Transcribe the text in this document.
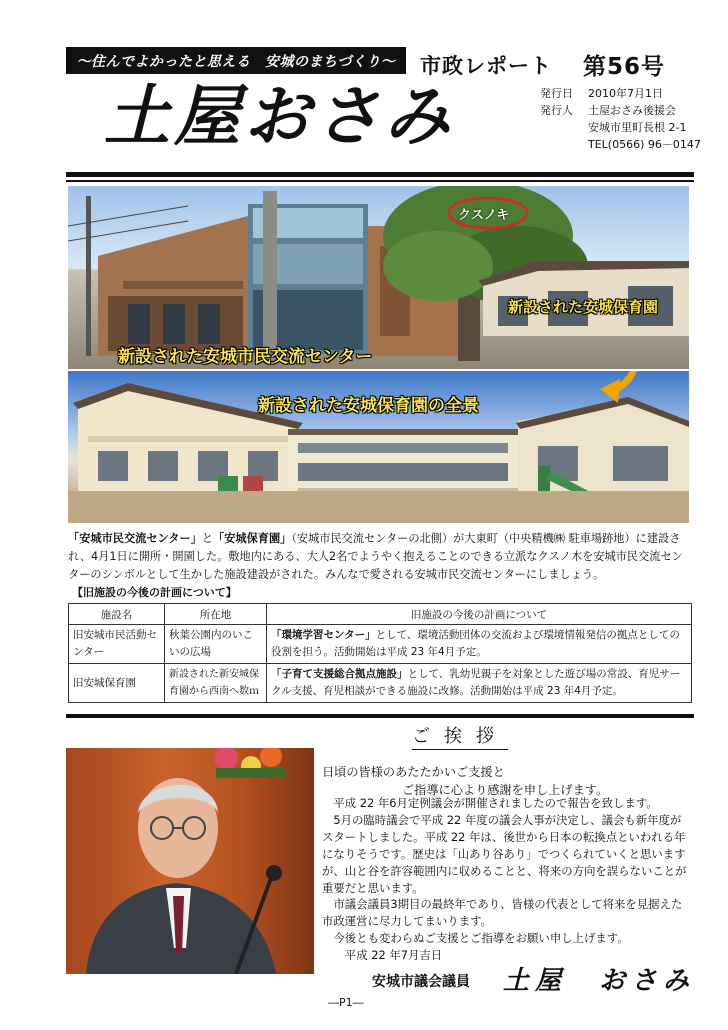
～住んでよかったと思える　安城のまちづくり～	市政レポート 第56号
土屋おさみ	発行日	2010年7月1日
発行人	土屋おさみ後援会
安城市里町長根 2-1
TEL(0566) 96－0147
クスノキ
新設された安城市民交流センター
新設された安城保育園
新設された安城保育園の全景
「安城市民交流センター」と「安城保育園」（安城市民交流センターの北側）が大東町（中央精機㈱ 駐車場跡地）に建設され、4月1日に開所・開園した。敷地内にある、大人2名でようやく抱えることのできる立派なクスノ木を安城市民交流センターのシンボルとして生かした施設建設がされた。みんなで愛される安城市民交流センターにしましょう。
【旧施設の今後の計画について】
施設名	所在地	旧施設の今後の計画について
旧安城市民活動センター	秋葉公園内のいこいの広場	「環境学習センター」として、環境活動団体の交流および環境情報発信の拠点としての役割を担う。活動開始は平成 23 年4月予定。
旧安城保育園	新設された新安城保育園から西南へ数ｍ	「子育て支援総合拠点施設」として、乳幼児親子を対象とした遊び場の常設、育児サークル支援、育児相談ができる施設に改修。活動開始は平成 23 年4月予定。
ご挨拶
日頃の皆様のあたたかいご支援と
ご指導に心より感謝を申し上げます。

平成 22 年6月定例議会が開催されましたので報告を致します。

5月の臨時議会で平成 22 年度の議会人事が決定し、議会も新年度がスタートしました。平成 22 年は、後世から日本の転換点といわれる年になりそうです。歴史は「山あり谷あり」でつくられていくと思いますが、山と谷を許容範囲内に収めることと、将来の方向を誤らないことが重要だと思います。

市議会議員3期目の最終年であり、皆様の代表として将来を見据えた市政運営に尽力してまいります。

今後とも変わらぬご支援とご指導をお願い申し上げます。

平成 22 年7月吉日

安城市議会議員 土屋　おさみ
―P1―
